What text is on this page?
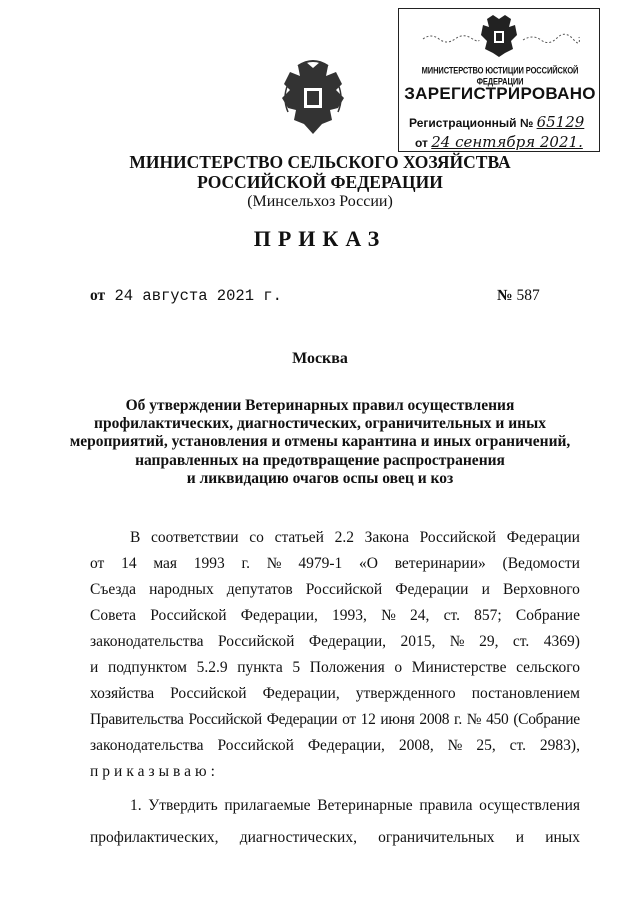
МИНИСТЕРСТВО ЮСТИЦИИ РОССИЙСКОЙ ФЕДЕРАЦИИ
ЗАРЕГИСТРИРОВАНО
Регистрационный № 65129
от 24 сентября 2021.
МИНИСТЕРСТВО СЕЛЬСКОГО ХОЗЯЙСТВА
РОССИЙСКОЙ ФЕДЕРАЦИИ
(Минсельхоз России)
ПРИКАЗ
от 24 августа 2021 г.	№ 587
Москва
Об утверждении Ветеринарных правил осуществления
профилактических, диагностических, ограничительных и иных
мероприятий, установления и отмены карантина и иных ограничений,
направленных на предотвращение распространения
и ликвидацию очагов оспы овец и коз
В соответствии со статьей 2.2 Закона Российской Федерации
от 14 мая 1993 г. № 4979-1 «О ветеринарии» (Ведомости
Съезда народных депутатов Российской Федерации и Верховного
Совета Российской Федерации, 1993, № 24, ст. 857; Собрание
законодательства Российской Федерации, 2015, № 29, ст. 4369)
и подпунктом 5.2.9 пункта 5 Положения о Министерстве сельского
хозяйства Российской Федерации, утвержденного постановлением
Правительства Российской Федерации от 12 июня 2008 г. № 450 (Собрание
законодательства Российской Федерации, 2008, № 25, ст. 2983),
приказываю:
1. Утвердить прилагаемые Ветеринарные правила осуществления
профилактических, диагностических, ограничительных и иных
